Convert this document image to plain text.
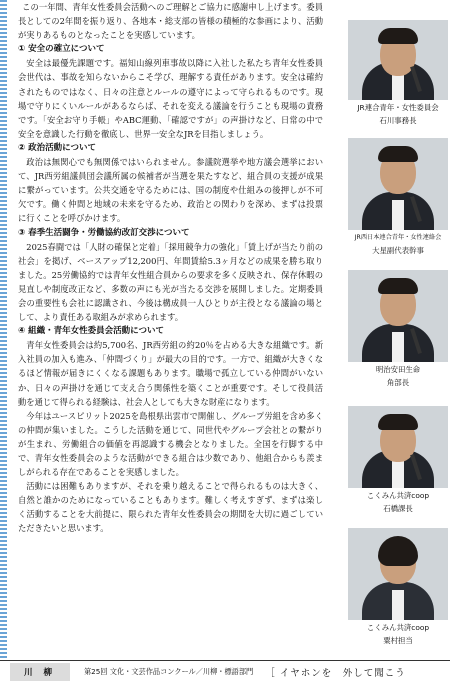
この一年間、青年女性委員会活動へのご理解とご協力に感謝申し上げます。委員長としての2年間を振り返り、各地本・総支部の皆様の積極的な参画により、活動が実りあるものとなったことを実感しています。

① 安全の確立について

安全は最優先課題です。福知山線列車事故以降に入社した私たち青年女性委員会世代は、事故を知らないからこそ学び、理解する責任があります。安全は確約されたものではなく、日々の注意とルールの遵守によって守られるものです。現場で守りにくいルールがあるならば、それを変える議論を行うことも現場の責務です。「安全お守り手帳」やABC運動、「確認ですが」の声掛けなど、日常の中で安全を意識した行動を徹底し、世界一安全なJRを目指しましょう。

② 政治活動について

政治は無関心でも無関係ではいられません。参議院選挙や地方議会選挙において、JR西労組議員団会議所属の候補者が当選を果たすなど、組合員の支援が成果に繋がっています。公共交通を守るためには、国の制度や仕組みの後押しが不可欠です。働く仲間と地域の未来を守るため、政治との関わりを深め、まずは投票に行くことを呼びかけます。

③ 春季生活闘争・労働協約改訂交渉について

2025春闘では「人財の確保と定着」「採用競争力の強化」「賃上げが当たり前の社会」を掲げ、ベースアップ12,200円、年間賃給5.3ヶ月などの成果を勝ち取りました。25労働協約では青年女性組合員からの要求を多く反映され、保存休暇の見直しや制度改正など、多数の声にも光が当たる交渉を展開しました。定期委員会の重要性も会社に認識され、今後は構成員一人ひとりが主役となる議論の場として、より責任ある取組みが求められます。

④ 組織・青年女性委員会活動について

青年女性委員会は約5,700名、JR西労組の約20％を占める大きな組織です。新入社員の加入も進み、「仲間づくり」が最大の目的です。一方で、組織が大きくなるほど情報が届きにくくなる課題もあります。職場で孤立している仲間がいないか、日々の声掛けを通じて支え合う関係性を築くことが重要です。そして役員活動を通じて得られる経験は、社会人としても大きな財産になります。

今年はユースピリット2025を島根県出雲市で開催し、グループ労組を含め多くの仲間が集いました。こうした活動を通じて、同世代やグループ会社との繋がりが生まれ、労働組合の価値を再認識する機会となりました。全国を行脚する中で、青年女性委員会のような活動ができる組合は少数であり、他組合からも羨ましがられる存在であることを実感しました。

活動には困難もありますが、それを乗り越えることで得られるものは大きく、自然と誰かのためになっていることもあります。難しく考えすぎず、まずは楽しく活動することを大前提に、限られた青年女性委員会の期間を大切に過ごしていただきたいと思います。

JR連合青年・女性委員会
石川事務長
JR西日本連合青年・女性連絡会
大星副代表幹事
明治安田生命
角部長
こくみん共済coop
石橋課長
こくみん共済coop
粟村担当
川 柳	第25回 文化・文芸作品コンクール／川柳・標語部門 ［ イヤホンを　外して聞こう
